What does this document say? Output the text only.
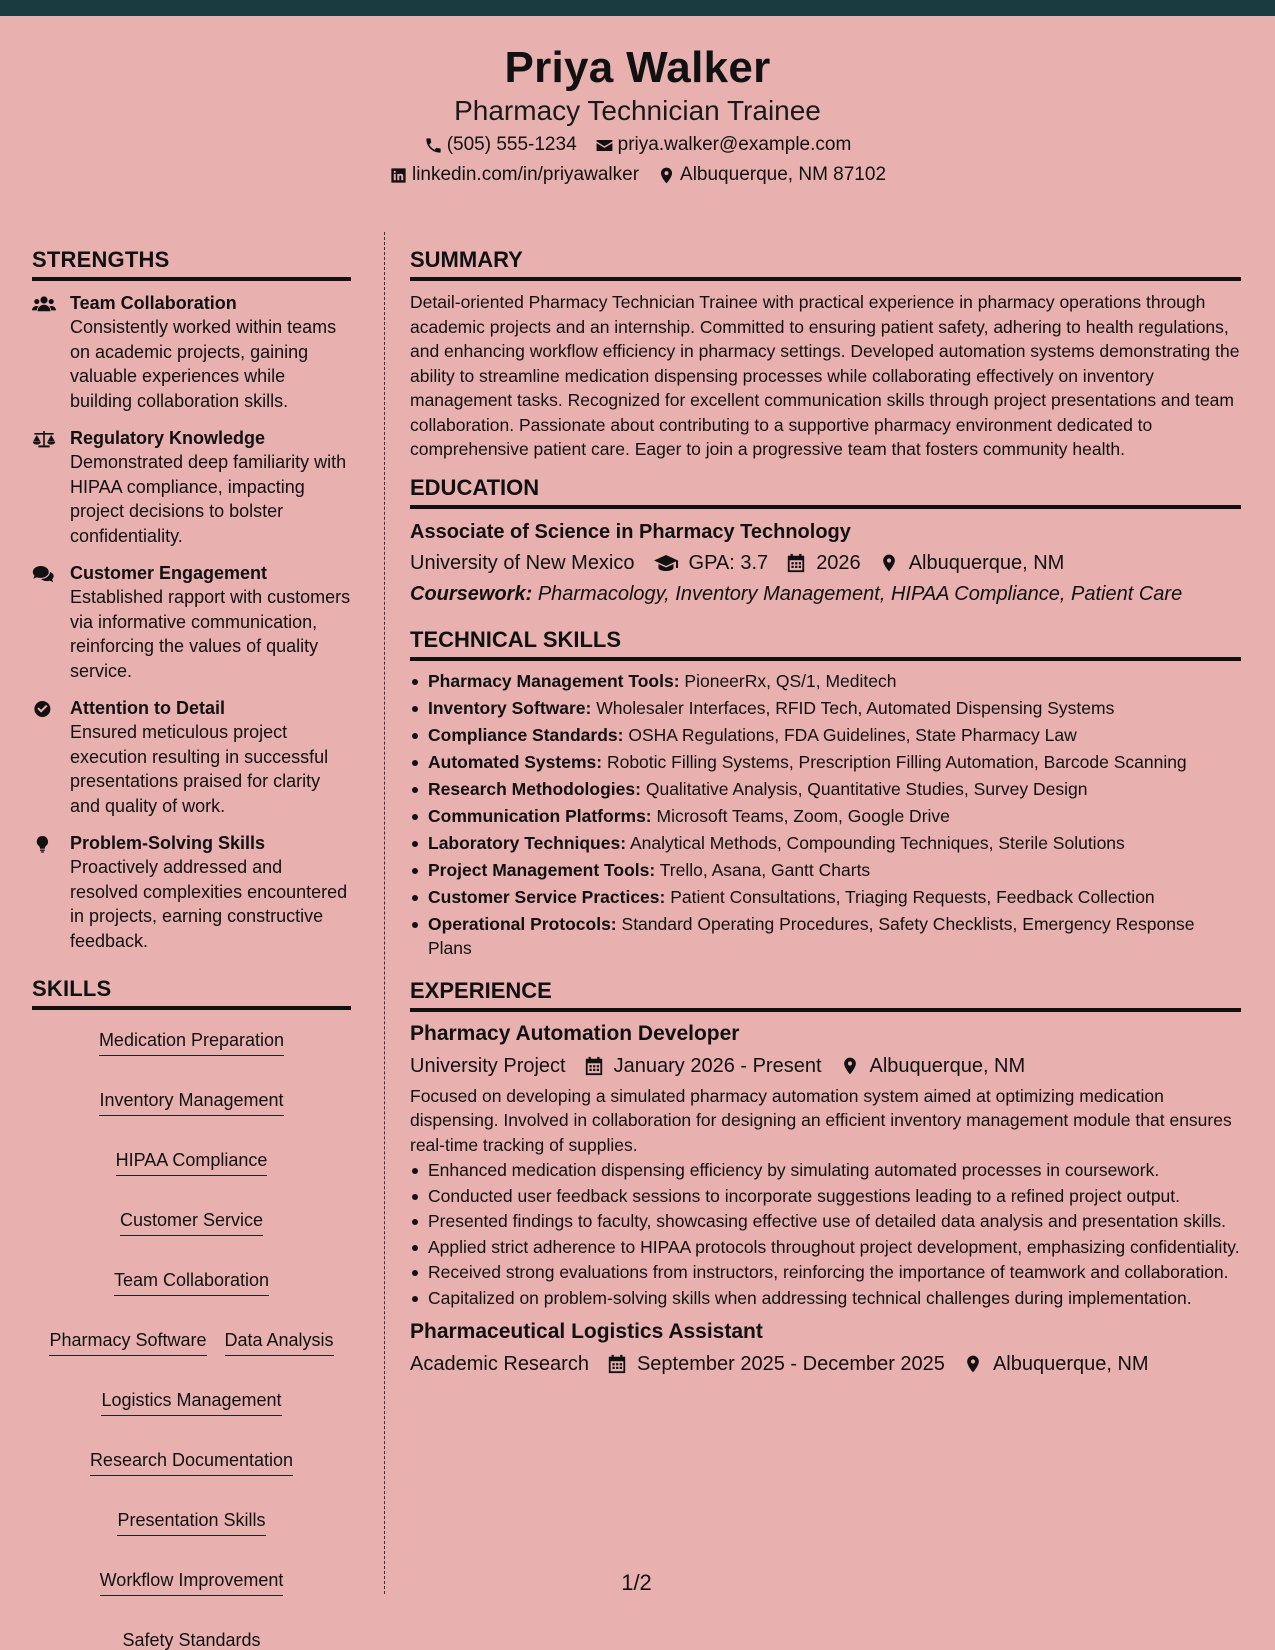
Priya Walker
Pharmacy Technician Trainee
(505) 555-1234 priya.walker@example.com
linkedin.com/in/priyawalker Albuquerque, NM 87102
STRENGTHS
Team Collaboration
Consistently worked within teams on academic projects, gaining valuable experiences while building collaboration skills.
Regulatory Knowledge
Demonstrated deep familiarity with HIPAA compliance, impacting project decisions to bolster confidentiality.
Customer Engagement
Established rapport with customers via informative communication, reinforcing the values of quality service.
Attention to Detail
Ensured meticulous project execution resulting in successful presentations praised for clarity and quality of work.
Problem-Solving Skills
Proactively addressed and resolved complexities encountered in projects, earning constructive feedback.
SKILLS
Medication Preparation
Inventory Management
HIPAA Compliance
Customer Service
Team Collaboration
Pharmacy Software Data Analysis
Logistics Management
Research Documentation
Presentation Skills
Workflow Improvement
Safety Standards
SUMMARY

Detail-oriented Pharmacy Technician Trainee with practical experience in pharmacy operations through academic projects and an internship. Committed to ensuring patient safety, adhering to health regulations, and enhancing workflow efficiency in pharmacy settings. Developed automation systems demonstrating the ability to streamline medication dispensing processes while collaborating effectively on inventory management tasks. Recognized for excellent communication skills through project presentations and team collaboration. Passionate about contributing to a supportive pharmacy environment dedicated to comprehensive patient care. Eager to join a progressive team that fosters community health.

EDUCATION
Associate of Science in Pharmacy Technology
University of New Mexico	GPA: 3.7 2026 Albuquerque, NM
Coursework: Pharmacology, Inventory Management, HIPAA Compliance, Patient Care
TECHNICAL SKILLS
Pharmacy Management Tools: PioneerRx, QS/1, Meditech
Inventory Software: Wholesaler Interfaces, RFID Tech, Automated Dispensing Systems
Compliance Standards: OSHA Regulations, FDA Guidelines, State Pharmacy Law
Automated Systems: Robotic Filling Systems, Prescription Filling Automation, Barcode Scanning
Research Methodologies: Qualitative Analysis, Quantitative Studies, Survey Design
Communication Platforms: Microsoft Teams, Zoom, Google Drive
Laboratory Techniques: Analytical Methods, Compounding Techniques, Sterile Solutions
Project Management Tools: Trello, Asana, Gantt Charts
Customer Service Practices: Patient Consultations, Triaging Requests, Feedback Collection
Operational Protocols: Standard Operating Procedures, Safety Checklists, Emergency Response Plans
EXPERIENCE
Pharmacy Automation Developer
University Project January 2026 - Present Albuquerque, NM

Focused on developing a simulated pharmacy automation system aimed at optimizing medication dispensing. Involved in collaboration for designing an efficient inventory management module that ensures real-time tracking of supplies.

Enhanced medication dispensing efficiency by simulating automated processes in coursework.
Conducted user feedback sessions to incorporate suggestions leading to a refined project output.
Presented findings to faculty, showcasing effective use of detailed data analysis and presentation skills.
Applied strict adherence to HIPAA protocols throughout project development, emphasizing confidentiality.
Received strong evaluations from instructors, reinforcing the importance of teamwork and collaboration.
Capitalized on problem-solving skills when addressing technical challenges during implementation.
Pharmaceutical Logistics Assistant
Academic Research September 2025 - December 2025 Albuquerque, NM
1/2
